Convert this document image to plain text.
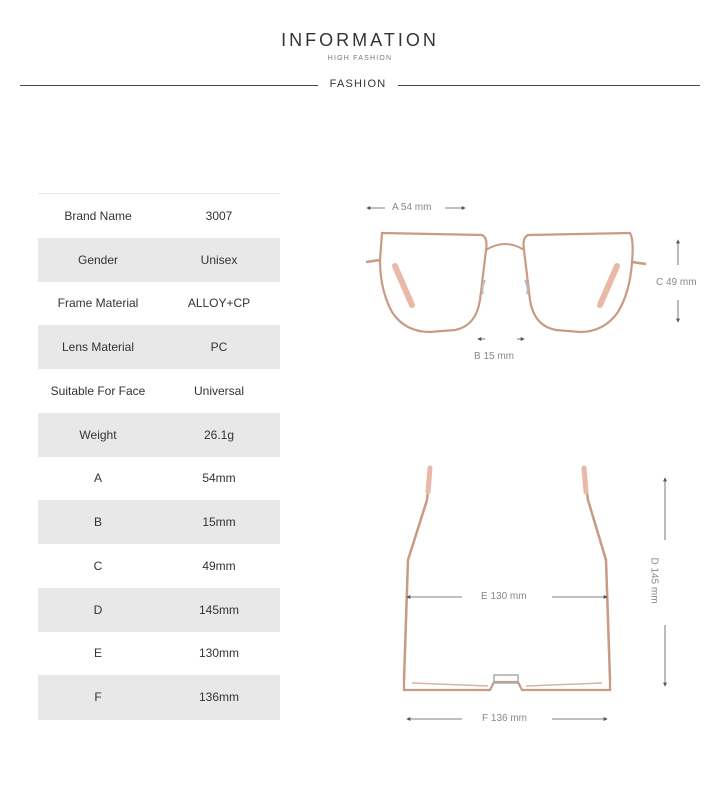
INFORMATION
HIGH FASHION
FASHION
Brand Name	3007
Gender	Unisex
Frame Material	ALLOY+CP
Lens Material	PC
Suitable For Face	Universal
Weight	26.1g
A	54mm
B	15mm
C	49mm
D	145mm
E	130mm
F	136mm
A 54 mm
B 15 mm
C 49 mm
D 145 mm
E 130 mm
F 136 mm
